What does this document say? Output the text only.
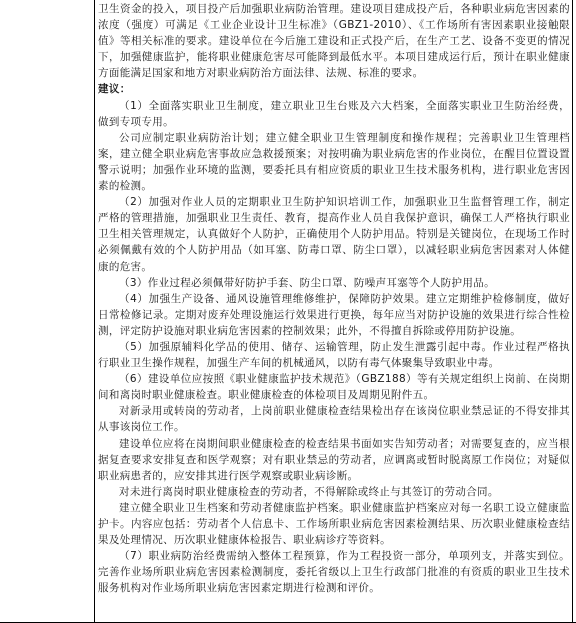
卫生资金的投入，项目投产后加强职业病防治管理。建设项目建成投产后，各种职业病危害因素的浓度（强度）可满足《工业企业设计卫生标准》（GBZ1-2010）、《工作场所有害因素职业接触限值》等相关标准的要求。建设单位在今后施工建设和正式投产后，在生产工艺、设备不变更的情况下，加强健康监护，能将职业健康危害尽可能降到最低水平。本项目建成运行后，预计在职业健康方面能满足国家和地方对职业病防治方面法律、法规、标准的要求。

建议：

（1）全面落实职业卫生制度，建立职业卫生台账及六大档案，全面落实职业卫生防治经费，做到专项专用。

公司应制定职业病防治计划；建立健全职业卫生管理制度和操作规程；完善职业卫生管理档案，建立健全职业病危害事故应急救援预案；对按明确为职业病危害的作业岗位，在醒目位置设置警示说明；加强作业环境的监测，要委托具有相应资质的职业卫生技术服务机构，进行职业危害因素的检测。

（2）加强对作业人员的定期职业卫生防护知识培训工作，加强职业卫生监督管理工作，制定严格的管理措施，加强职业卫生责任、教育，提高作业人员自我保护意识，确保工人严格执行职业卫生相关管理规定，认真做好个人防护，正确使用个人防护用品。特别是关键岗位，在现场工作时必须佩戴有效的个人防护用品（如耳塞、防毒口罩、防尘口罩），以减轻职业病危害因素对人体健康的危害。

（3）作业过程必须佩带好防护手套、防尘口罩、防噪声耳塞等个人防护用品。

（4）加强生产设备、通风设施管理维修维护，保障防护效果。建立定期维护检修制度，做好日常检修记录。定期对废弃处理设施运行效果进行更换，每年应当对防护设施的效果进行综合性检测，评定防护设施对职业病危害因素的控制效果；此外，不得擅自拆除或停用防护设施。

（5）加强原辅料化学品的使用、储存、运输管理，防止发生泄露引起中毒。作业过程严格执行职业卫生操作规程，加强生产车间的机械通风，以防有毒气体聚集导致职业中毒。

（6）建设单位应按照《职业健康监护技术规范》（GBZ188）等有关规定组织上岗前、在岗期间和离岗时职业健康检查。职业健康检查的体检项目及周期见附件五。

对新录用或转岗的劳动者，上岗前职业健康检查结果检出存在该岗位职业禁忌证的不得安排其从事该岗位工作。

建设单位应将在岗期间职业健康检查的检查结果书面如实告知劳动者；对需要复查的，应当根据复查要求安排复查和医学观察；对有职业禁忌的劳动者，应调离或暂时脱离原工作岗位；对疑似职业病患者的，应安排其进行医学观察或职业病诊断。

对未进行离岗时职业健康检查的劳动者，不得解除或终止与其签订的劳动合同。

建立健全职业卫生档案和劳动者健康监护档案。职业健康监护档案应对每一名职工设立健康监护卡。内容应包括：劳动者个人信息卡、工作场所职业病危害因素检测结果、历次职业健康检查结果及处理情况、历次职业健康体检报告、职业病诊疗等资料。

（7）职业病防治经费需纳入整体工程预算，作为工程投资一部分，单项列支，并落实到位。完善作业场所职业病危害因素检测制度，委托省级以上卫生行政部门批准的有资质的职业卫生技术服务机构对作业场所职业病危害因素定期进行检测和评价。
